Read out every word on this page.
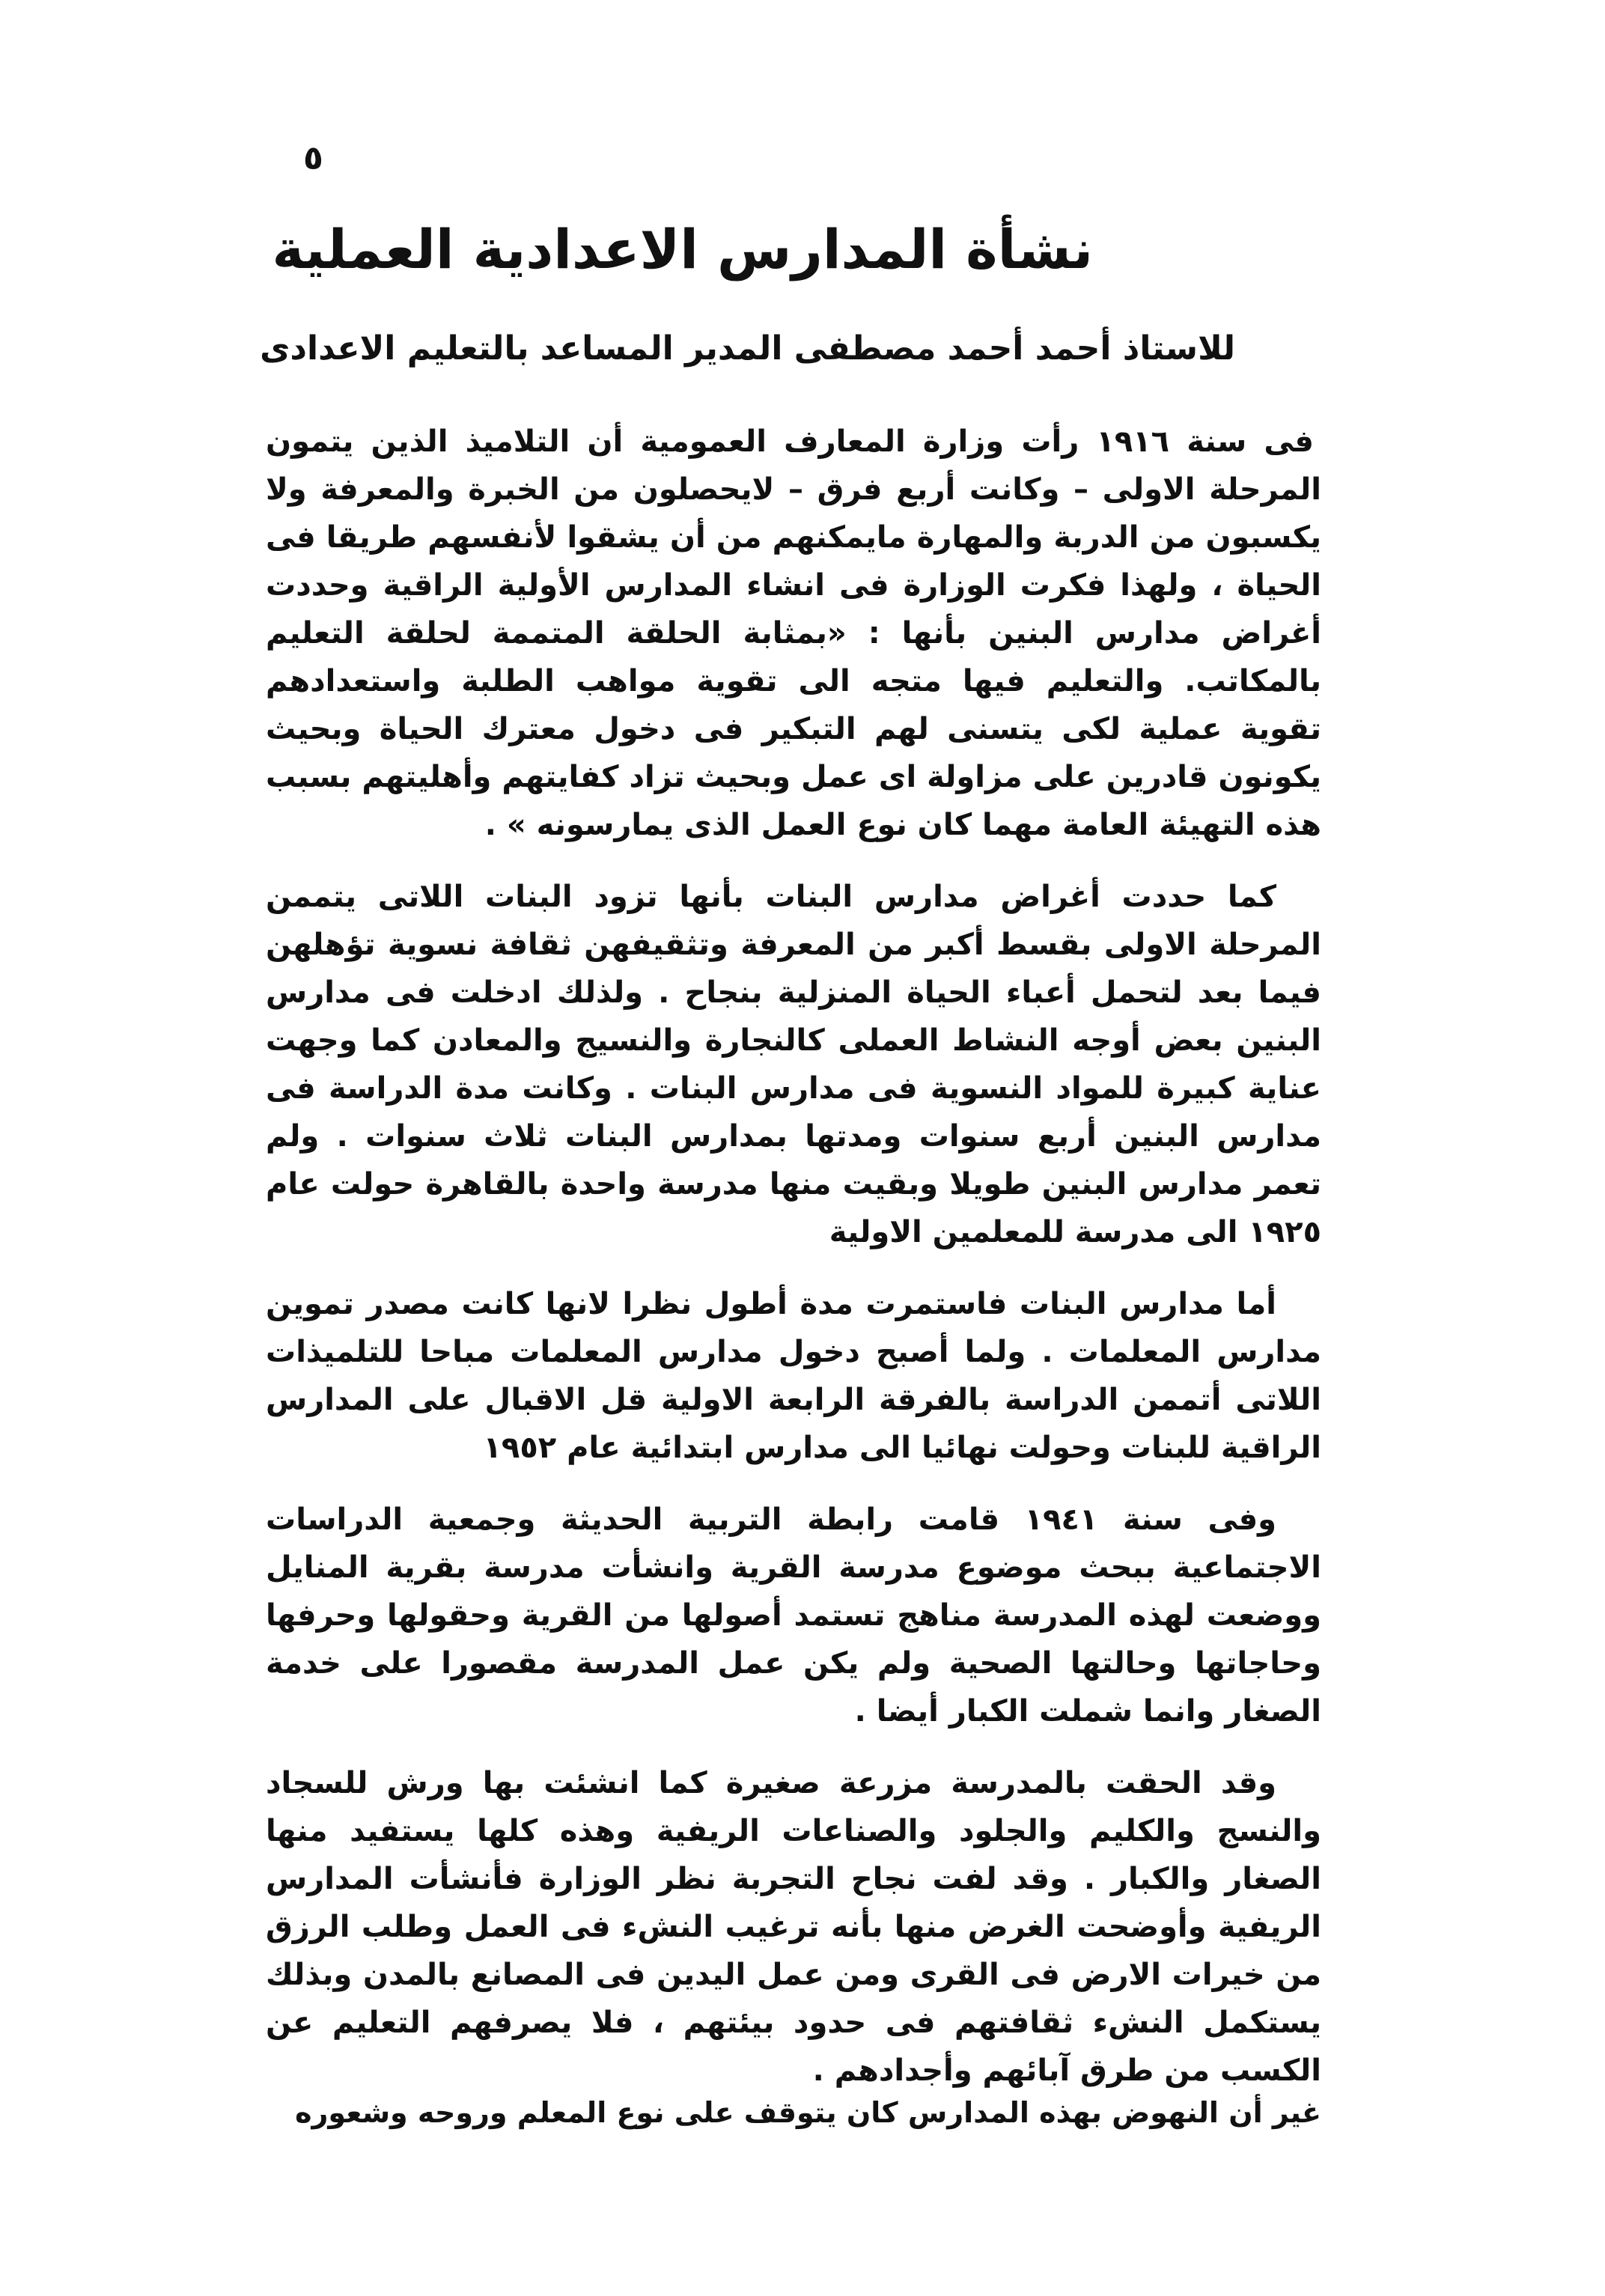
٥
نشأة المدارس الاعدادية العملية
للاستاذ أحمد أحمد مصطفى المدير المساعد بالتعليم الاعدادى

فى سنة ١٩١٦ رأت وزارة المعارف العمومية أن التلاميذ الذين يتمون المرحلة الاولى – وكانت أربع فرق – لايحصلون من الخبرة والمعرفة ولا يكسبون من الدربة والمهارة مايمكنهم من أن يشقوا لأنفسهم طريقا فى الحياة ، ولهذا فكرت الوزارة فى انشاء المدارس الأولية الراقية وحددت أغراض مدارس البنين بأنها : «بمثابة الحلقة المتممة لحلقة التعليم بالمكاتب. والتعليم فيها متجه الى تقوية مواهب الطلبة واستعدادهم تقوية عملية لكى يتسنى لهم التبكير فى دخول معترك الحياة وبحيث يكونون قادرين على مزاولة اى عمل وبحيث تزاد كفايتهم وأهليتهم بسبب هذه التهيئة العامة مهما كان نوع العمل الذى يمارسونه » .

كما حددت أغراض مدارس البنات بأنها تزود البنات اللاتى يتممن المرحلة الاولى بقسط أكبر من المعرفة وتثقيفهن ثقافة نسوية تؤهلهن فيما بعد لتحمل أعباء الحياة المنزلية بنجاح . ولذلك ادخلت فى مدارس البنين بعض أوجه النشاط العملى كالنجارة والنسيج والمعادن كما وجهت عناية كبيرة للمواد النسوية فى مدارس البنات . وكانت مدة الدراسة فى مدارس البنين أربع سنوات ومدتها بمدارس البنات ثلاث سنوات . ولم تعمر مدارس البنين طويلا وبقيت منها مدرسة واحدة بالقاهرة حولت عام ١٩٢٥ الى مدرسة للمعلمين الاولية

أما مدارس البنات فاستمرت مدة أطول نظرا لانها كانت مصدر تموين مدارس المعلمات . ولما أصبح دخول مدارس المعلمات مباحا للتلميذات اللاتى أتممن الدراسة بالفرقة الرابعة الاولية قل الاقبال على المدارس الراقية للبنات وحولت نهائيا الى مدارس ابتدائية عام ١٩٥٢

وفى سنة ١٩٤١ قامت رابطة التربية الحديثة وجمعية الدراسات الاجتماعية ببحث موضوع مدرسة القرية وانشأت مدرسة بقرية المنايل ووضعت لهذه المدرسة مناهج تستمد أصولها من القرية وحقولها وحرفها وحاجاتها وحالتها الصحية ولم يكن عمل المدرسة مقصورا على خدمة الصغار وانما شملت الكبار أيضا .

وقد الحقت بالمدرسة مزرعة صغيرة كما انشئت بها ورش للسجاد والنسج والكليم والجلود والصناعات الريفية وهذه كلها يستفيد منها الصغار والكبار . وقد لفت نجاح التجربة نظر الوزارة فأنشأت المدارس الريفية وأوضحت الغرض منها بأنه ترغيب النشء فى العمل وطلب الرزق من خيرات الارض فى القرى ومن عمل اليدين فى المصانع بالمدن وبذلك يستكمل النشء ثقافتهم فى حدود بيئتهم ، فلا يصرفهم التعليم عن الكسب من طرق آبائهم وأجدادهم .

غير أن النهوض بهذه المدارس كان يتوقف على نوع المعلم وروحه وشعوره
